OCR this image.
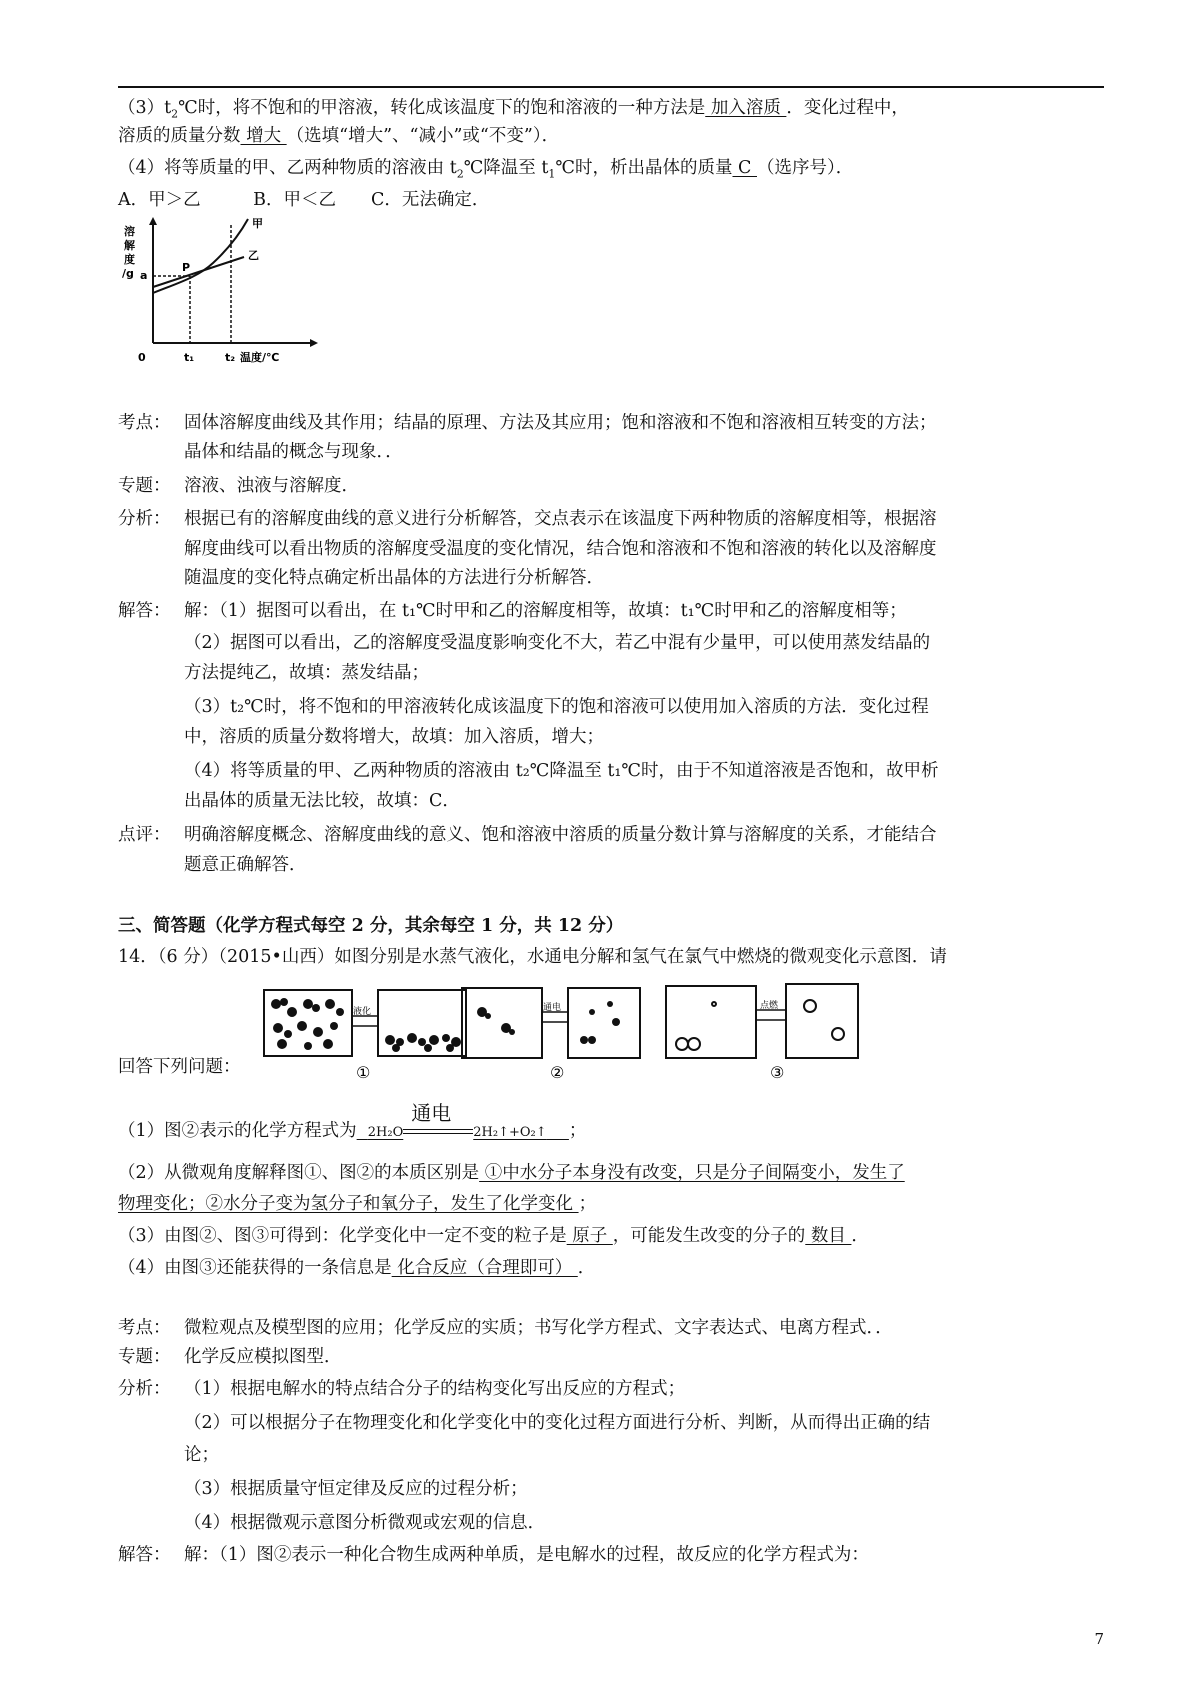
$(3)t_2℃$时，将不饱和的甲溶液，转化成该温度下的饱和溶液的一种方法是 加入溶质 ．变化过程中，
溶质的质量分数 增大 （选填“增大”、“减小”或“不变”）．
（4）将等质量的甲、乙两种物质的溶液由 $t_2℃$降温至 $t_1℃$时，析出晶体的质量 C （选序号）．
A．甲＞乙　　　B．甲＜乙　　C．无法确定．
溶
解
度
/g a
P
甲
乙
0	t₁	t₂ 温度/℃
考点： 固体溶解度曲线及其作用；结晶的原理、方法及其应用；饱和溶液和不饱和溶液相互转变的方法；
晶体和结晶的概念与现象．．
专题： 溶液、浊液与溶解度．
分析： 根据已有的溶解度曲线的意义进行分析解答，交点表示在该温度下两种物质的溶解度相等，根据溶
解度曲线可以看出物质的溶解度受温度的变化情况，结合饱和溶液和不饱和溶液的转化以及溶解度
随温度的变化特点确定析出晶体的方法进行分析解答．
解答： 解：（1）据图可以看出，在 t₁℃时甲和乙的溶解度相等，故填：t₁℃时甲和乙的溶解度相等；
（2）据图可以看出，乙的溶解度受温度影响变化不大，若乙中混有少量甲，可以使用蒸发结晶的
方法提纯乙，故填：蒸发结晶；
（3）t₂℃时，将不饱和的甲溶液转化成该温度下的饱和溶液可以使用加入溶质的方法．变化过程
中，溶质的质量分数将增大，故填：加入溶质，增大；
（4）将等质量的甲、乙两种物质的溶液由 t₂℃降温至 t₁℃时，由于不知道溶液是否饱和，故甲析
出晶体的质量无法比较，故填：C．
点评： 明确溶解度概念、溶解度曲线的意义、饱和溶液中溶质的质量分数计算与溶解度的关系，才能结合
题意正确解答．
三、简答题（化学方程式每空 2 分，其余每空 1 分，共 12 分）
14．（6 分）（2015•山西）如图分别是水蒸气液化，水通电分解和氢气在氯气中燃烧的微观变化示意图．请
液化
①
通电
②
点燃
③
回答下列问题：
（1）图②表示的化学方程式为 2H₂O
通电
2H₂↑+O₂↑ ；
（2）从微观角度解释图①、图②的本质区别是 ①中水分子本身没有改变，只是分子间隔变小，发生了
物理变化；②水分子变为氢分子和氧分子，发生了化学变化 ；
（3）由图②、图③可得到：化学变化中一定不变的粒子是 原子 ，可能发生改变的分子的 数目 ．
（4）由图③还能获得的一条信息是 化合反应（合理即可） ．
考点： 微粒观点及模型图的应用；化学反应的实质；书写化学方程式、文字表达式、电离方程式．．
专题： 化学反应模拟图型．
分析： （1）根据电解水的特点结合分子的结构变化写出反应的方程式；
（2）可以根据分子在物理变化和化学变化中的变化过程方面进行分析、判断，从而得出正确的结
论；
（3）根据质量守恒定律及反应的过程分析；
（4）根据微观示意图分析微观或宏观的信息．
解答： 解：（1）图②表示一种化合物生成两种单质，是电解水的过程，故反应的化学方程式为：
7
